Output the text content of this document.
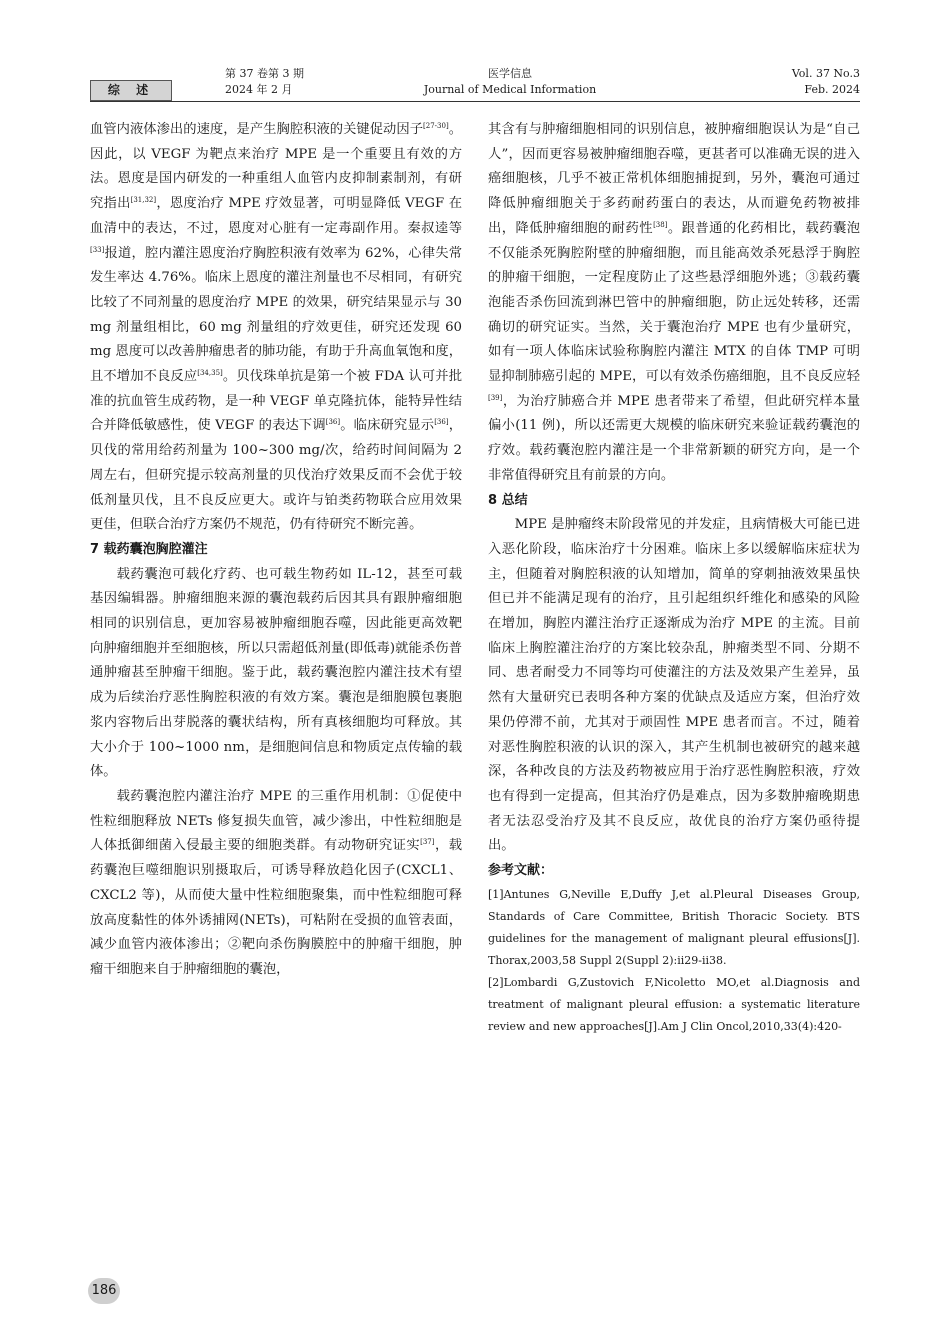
综 述
第 37 卷第 3 期
2024 年 2 月
医学信息
Journal of Medical Information
Vol. 37 No.3
Feb. 2024

血管内液体渗出的速度，是产生胸腔积液的关键促动因子[27-30]。因此，以 VEGF 为靶点来治疗 MPE 是一个重要且有效的方法。恩度是国内研发的一种重组人血管内皮抑制素制剂，有研究指出[31,32]，恩度治疗 MPE 疗效显著，可明显降低 VEGF 在血清中的表达，不过，恩度对心脏有一定毒副作用。秦叔逵等[33]报道，腔内灌注恩度治疗胸腔积液有效率为 62%，心律失常发生率达 4.76%。临床上恩度的灌注剂量也不尽相同，有研究比较了不同剂量的恩度治疗 MPE 的效果，研究结果显示与 30 mg 剂量组相比，60 mg 剂量组的疗效更佳，研究还发现 60 mg 恩度可以改善肿瘤患者的肺功能，有助于升高血氧饱和度，且不增加不良反应[34,35]。贝伐珠单抗是第一个被 FDA 认可并批准的抗血管生成药物，是一种 VEGF 单克隆抗体，能特异性结合并降低敏感性，使 VEGF 的表达下调[36]。临床研究显示[36]，贝伐的常用给药剂量为 100~300 mg/次，给药时间间隔为 2 周左右，但研究提示较高剂量的贝伐治疗效果反而不会优于较低剂量贝伐，且不良反应更大。或许与铂类药物联合应用效果更佳，但联合治疗方案仍不规范，仍有待研究不断完善。

7 载药囊泡胸腔灌注

载药囊泡可载化疗药、也可载生物药如 IL-12，甚至可载基因编辑器。肿瘤细胞来源的囊泡载药后因其具有跟肿瘤细胞相同的识别信息，更加容易被肿瘤细胞吞噬，因此能更高效靶向肿瘤细胞并至细胞核，所以只需超低剂量(即低毒)就能杀伤普通肿瘤甚至肿瘤干细胞。鉴于此，载药囊泡腔内灌注技术有望成为后续治疗恶性胸腔积液的有效方案。囊泡是细胞膜包裹胞浆内容物后出芽脱落的囊状结构，所有真核细胞均可释放。其大小介于 100~1000 nm，是细胞间信息和物质定点传输的载体。

载药囊泡腔内灌注治疗 MPE 的三重作用机制：①促使中性粒细胞释放 NETs 修复损失血管，减少渗出，中性粒细胞是人体抵御细菌入侵最主要的细胞类群。有动物研究证实[37]，载药囊泡巨噬细胞识别摄取后，可诱导释放趋化因子(CXCL1、CXCL2 等)，从而使大量中性粒细胞聚集，而中性粒细胞可释放高度黏性的体外诱捕网(NETs)，可粘附在受损的血管表面，减少血管内液体渗出；②靶向杀伤胸膜腔中的肿瘤干细胞，肿瘤干细胞来自于肿瘤细胞的囊泡，

其含有与肿瘤细胞相同的识别信息，被肿瘤细胞误认为是“自己人”，因而更容易被肿瘤细胞吞噬，更甚者可以准确无误的进入癌细胞核，几乎不被正常机体细胞捕捉到，另外，囊泡可通过降低肿瘤细胞关于多药耐药蛋白的表达，从而避免药物被排出，降低肿瘤细胞的耐药性[38]。跟普通的化药相比，载药囊泡不仅能杀死胸腔附壁的肿瘤细胞，而且能高效杀死悬浮于胸腔的肿瘤干细胞，一定程度防止了这些悬浮细胞外逃；③载药囊泡能否杀伤回流到淋巴管中的肿瘤细胞，防止远处转移，还需确切的研究证实。当然，关于囊泡治疗 MPE 也有少量研究，如有一项人体临床试验称胸腔内灌注 MTX 的自体 TMP 可明显抑制肺癌引起的 MPE，可以有效杀伤癌细胞，且不良反应轻 [39]，为治疗肺癌合并 MPE 患者带来了希望，但此研究样本量偏小(11 例)，所以还需更大规模的临床研究来验证载药囊泡的疗效。载药囊泡腔内灌注是一个非常新颖的研究方向，是一个非常值得研究且有前景的方向。

8 总结

MPE 是肿瘤终末阶段常见的并发症，且病情极大可能已进入恶化阶段，临床治疗十分困难。临床上多以缓解临床症状为主，但随着对胸腔积液的认知增加，简单的穿刺抽液效果虽快但已并不能满足现有的治疗，且引起组织纤维化和感染的风险在增加，胸腔内灌注治疗正逐渐成为治疗 MPE 的主流。目前临床上胸腔灌注治疗的方案比较杂乱，肿瘤类型不同、分期不同、患者耐受力不同等均可使灌注的方法及效果产生差异，虽然有大量研究已表明各种方案的优缺点及适应方案，但治疗效果仍停滞不前，尤其对于顽固性 MPE 患者而言。不过，随着对恶性胸腔积液的认识的深入，其产生机制也被研究的越来越深，各种改良的方法及药物被应用于治疗恶性胸腔积液，疗效也有得到一定提高，但其治疗仍是难点，因为多数肿瘤晚期患者无法忍受治疗及其不良反应，故优良的治疗方案仍亟待提出。

参考文献：

[1]Antunes G,Neville E,Duffy J,et al.Pleural Diseases Group, Standards of Care Committee, British Thoracic Society. BTS guidelines for the management of malignant pleural effusions[J]. Thorax,2003,58 Suppl 2(Suppl 2):ii29-ii38.

[2]Lombardi G,Zustovich F,Nicoletto MO,et al.Diagnosis and treatment of malignant pleural effusion: a systematic literature review and new approaches[J].Am J Clin Oncol,2010,33(4):420-

186
